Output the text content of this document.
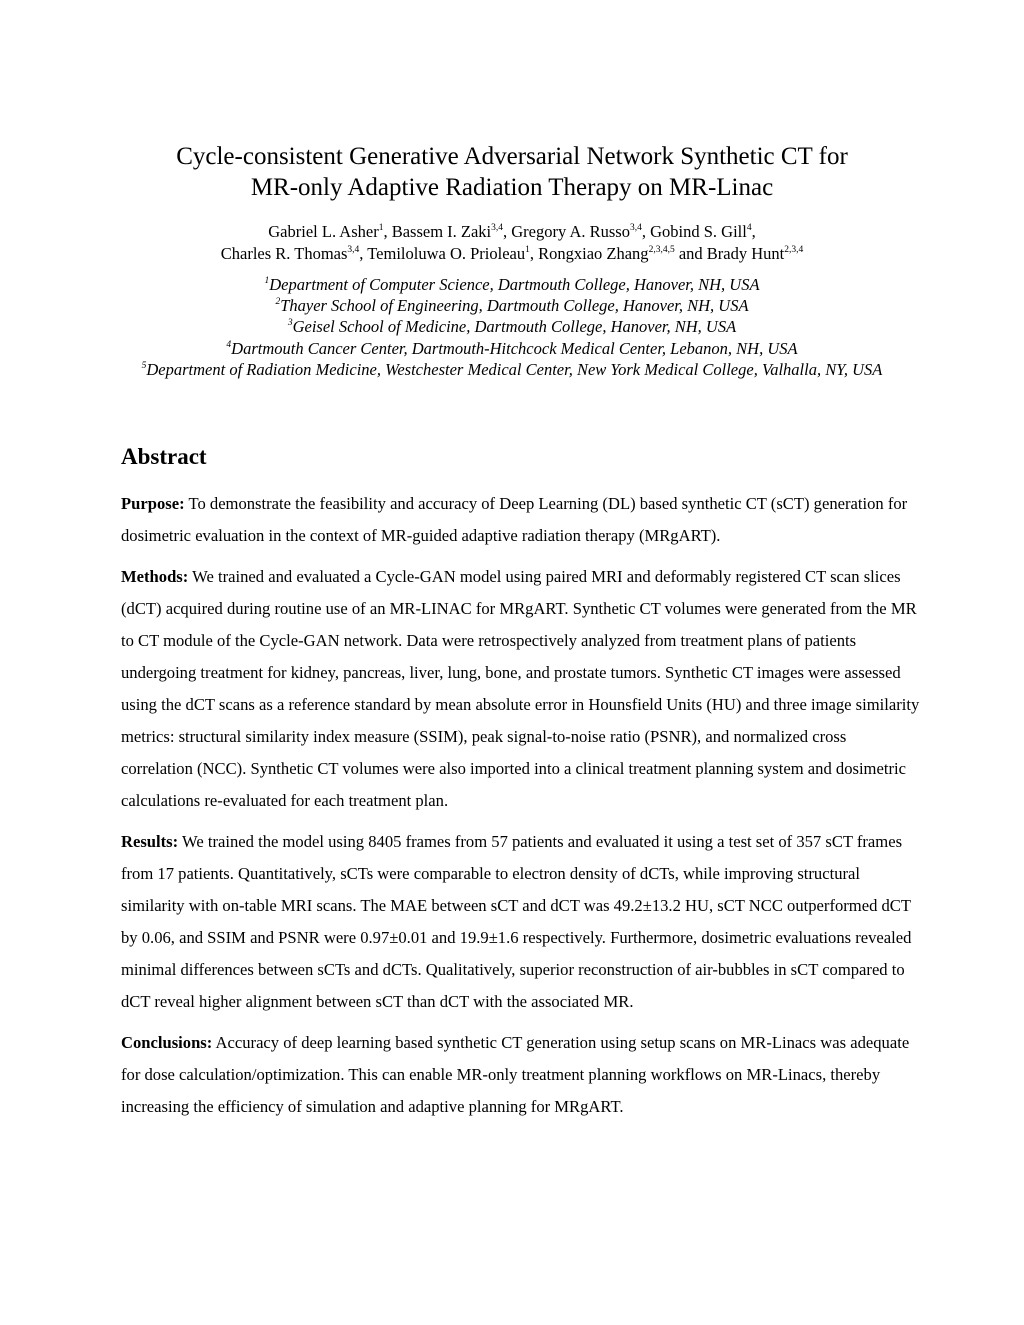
Cycle-consistent Generative Adversarial Network Synthetic CT for
MR-only Adaptive Radiation Therapy on MR-Linac
Gabriel L. Asher$^1$, Bassem I. Zaki$^{3,4}$, Gregory A. Russo$^{3,4}$, Gobind S. Gill$^4$,
Charles R. Thomas$^{3,4}$, Temiloluwa O. Prioleau$^1$, Rongxiao Zhang$^{2,3,4,5}$ and Brady Hunt$^{2,3,4}$
$^1$Department of Computer Science, Dartmouth College, Hanover, NH, USA
$^2$Thayer School of Engineering, Dartmouth College, Hanover, NH, USA
$^3$Geisel School of Medicine, Dartmouth College, Hanover, NH, USA
$^4$Dartmouth Cancer Center, Dartmouth-Hitchcock Medical Center, Lebanon, NH, USA
$^5$Department of Radiation Medicine, Westchester Medical Center, New York Medical College, Valhalla, NY, USA
Abstract

Purpose: To demonstrate the feasibility and accuracy of Deep Learning (DL) based synthetic CT (sCT) generation for dosimetric evaluation in the context of MR-guided adaptive radiation therapy (MRgART).

Methods: We trained and evaluated a Cycle-GAN model using paired MRI and deformably registered CT scan slices (dCT) acquired during routine use of an MR-LINAC for MRgART. Synthetic CT volumes were generated from the MR to CT module of the Cycle-GAN network. Data were retrospectively analyzed from treatment plans of patients undergoing treatment for kidney, pancreas, liver, lung, bone, and prostate tumors. Synthetic CT images were assessed using the dCT scans as a reference standard by mean absolute error in Hounsfield Units (HU) and three image similarity metrics: structural similarity index measure (SSIM), peak signal-to-noise ratio (PSNR), and normalized cross correlation (NCC). Synthetic CT volumes were also imported into a clinical treatment planning system and dosimetric calculations re-evaluated for each treatment plan.

Results: We trained the model using 8405 frames from 57 patients and evaluated it using a test set of 357 sCT frames from 17 patients. Quantitatively, sCTs were comparable to electron density of dCTs, while improving structural similarity with on-table MRI scans. The MAE between sCT and dCT was 49.2±13.2 HU, sCT NCC outperformed dCT by 0.06, and SSIM and PSNR were 0.97±0.01 and 19.9±1.6 respectively. Furthermore, dosimetric evaluations revealed minimal differences between sCTs and dCTs. Qualitatively, superior reconstruction of air-bubbles in sCT compared to dCT reveal higher alignment between sCT than dCT with the associated MR.

Conclusions: Accuracy of deep learning based synthetic CT generation using setup scans on MR-Linacs was adequate for dose calculation/optimization. This can enable MR-only treatment planning workflows on MR-Linacs, thereby increasing the efficiency of simulation and adaptive planning for MRgART.
